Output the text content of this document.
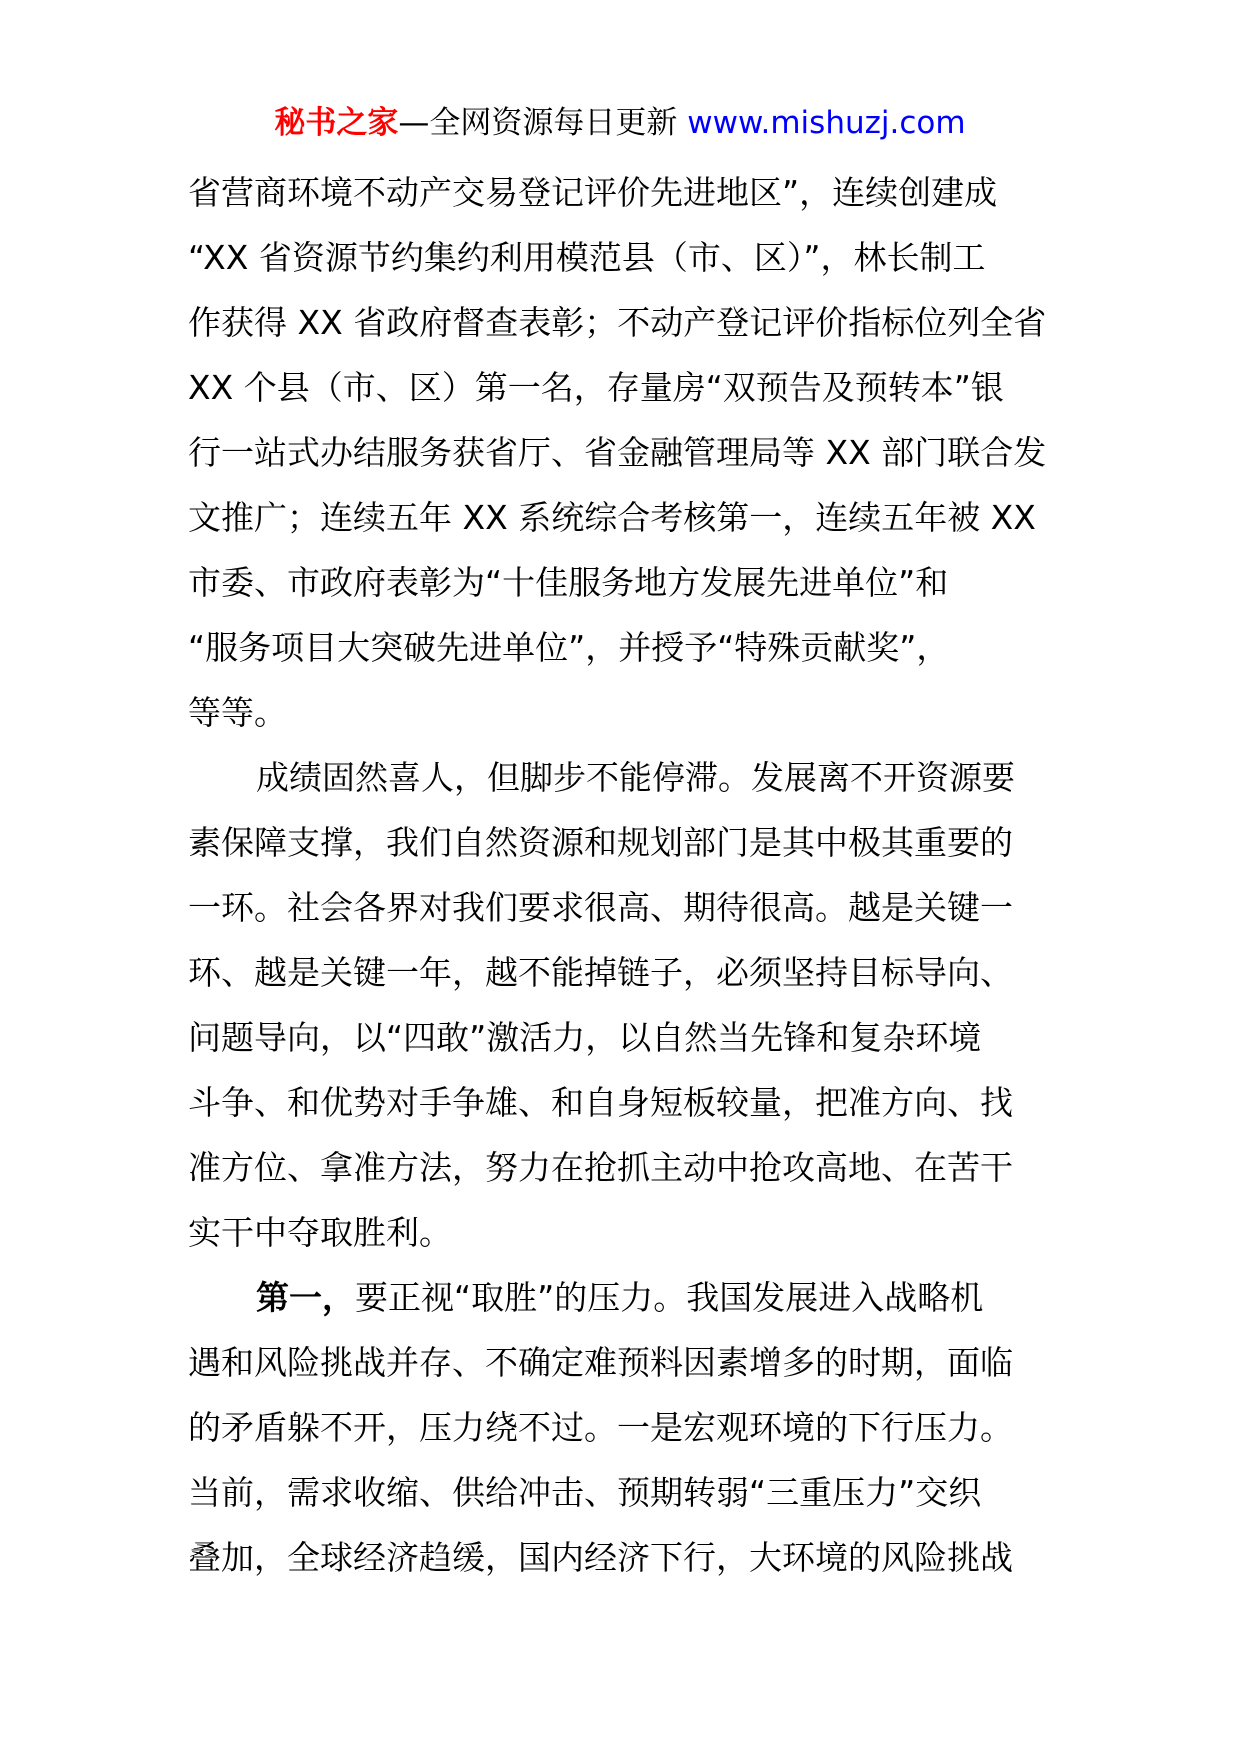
秘书之家—全网资源每日更新 www.mishuzj.com
省营商环境不动产交易登记评价先进地区”，连续创建成
“XX 省资源节约集约利用模范县（市、区）”，林长制工
作获得 XX 省政府督查表彰；不动产登记评价指标位列全省
XX 个县（市、区）第一名，存量房“双预告及预转本”银
行一站式办结服务获省厅、省金融管理局等 XX 部门联合发
文推广；连续五年 XX 系统综合考核第一，连续五年被 XX
市委、市政府表彰为“十佳服务地方发展先进单位”和
“服务项目大突破先进单位”，并授予“特殊贡献奖”，
等等。
成绩固然喜人，但脚步不能停滞。发展离不开资源要
素保障支撑，我们自然资源和规划部门是其中极其重要的
一环。社会各界对我们要求很高、期待很高。越是关键一
环、越是关键一年，越不能掉链子，必须坚持目标导向、
问题导向，以“四敢”激活力，以自然当先锋和复杂环境
斗争、和优势对手争雄、和自身短板较量，把准方向、找
准方位、拿准方法，努力在抢抓主动中抢攻高地、在苦干
实干中夺取胜利。
第一，要正视“取胜”的压力。我国发展进入战略机
遇和风险挑战并存、不确定难预料因素增多的时期，面临
的矛盾躲不开，压力绕不过。一是宏观环境的下行压力。
当前，需求收缩、供给冲击、预期转弱“三重压力”交织
叠加，全球经济趋缓，国内经济下行，大环境的风险挑战
